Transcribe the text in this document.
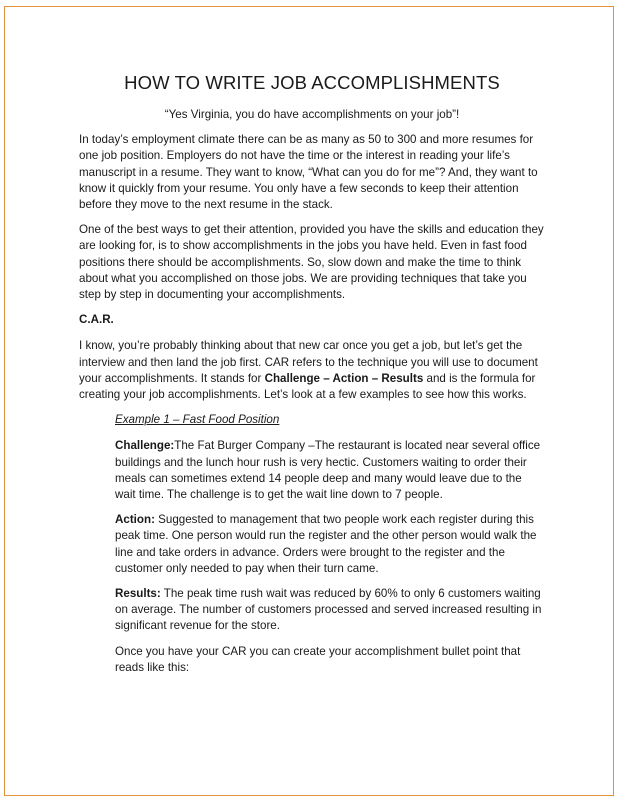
HOW TO WRITE JOB ACCOMPLISHMENTS

“Yes Virginia, you do have accomplishments on your job”!

In today’s employment climate there can be as many as 50 to 300 and more resumes for one job position. Employers do not have the time or the interest in reading your life’s manuscript in a resume. They want to know, “What can you do for me”? And, they want to know it quickly from your resume. You only have a few seconds to keep their attention before they move to the next resume in the stack.

One of the best ways to get their attention, provided you have the skills and education they are looking for, is to show accomplishments in the jobs you have held. Even in fast food positions there should be accomplishments. So, slow down and make the time to think about what you accomplished on those jobs. We are providing techniques that take you step by step in documenting your accomplishments.

C.A.R.

I know, you’re probably thinking about that new car once you get a job, but let’s get the interview and then land the job first. CAR refers to the technique you will use to document your accomplishments. It stands for Challenge – Action – Results and is the formula for creating your job accomplishments. Let’s look at a few examples to see how this works.

Example 1 – Fast Food Position

Challenge:The Fat Burger Company –The restaurant is located near several office buildings and the lunch hour rush is very hectic. Customers waiting to order their meals can sometimes extend 14 people deep and many would leave due to the wait time. The challenge is to get the wait line down to 7 people.

Action: Suggested to management that two people work each register during this peak time. One person would run the register and the other person would walk the line and take orders in advance. Orders were brought to the register and the customer only needed to pay when their turn came.

Results: The peak time rush wait was reduced by 60% to only 6 customers waiting on average. The number of customers processed and served increased resulting in significant revenue for the store.

Once you have your CAR you can create your accomplishment bullet point that reads like this:
